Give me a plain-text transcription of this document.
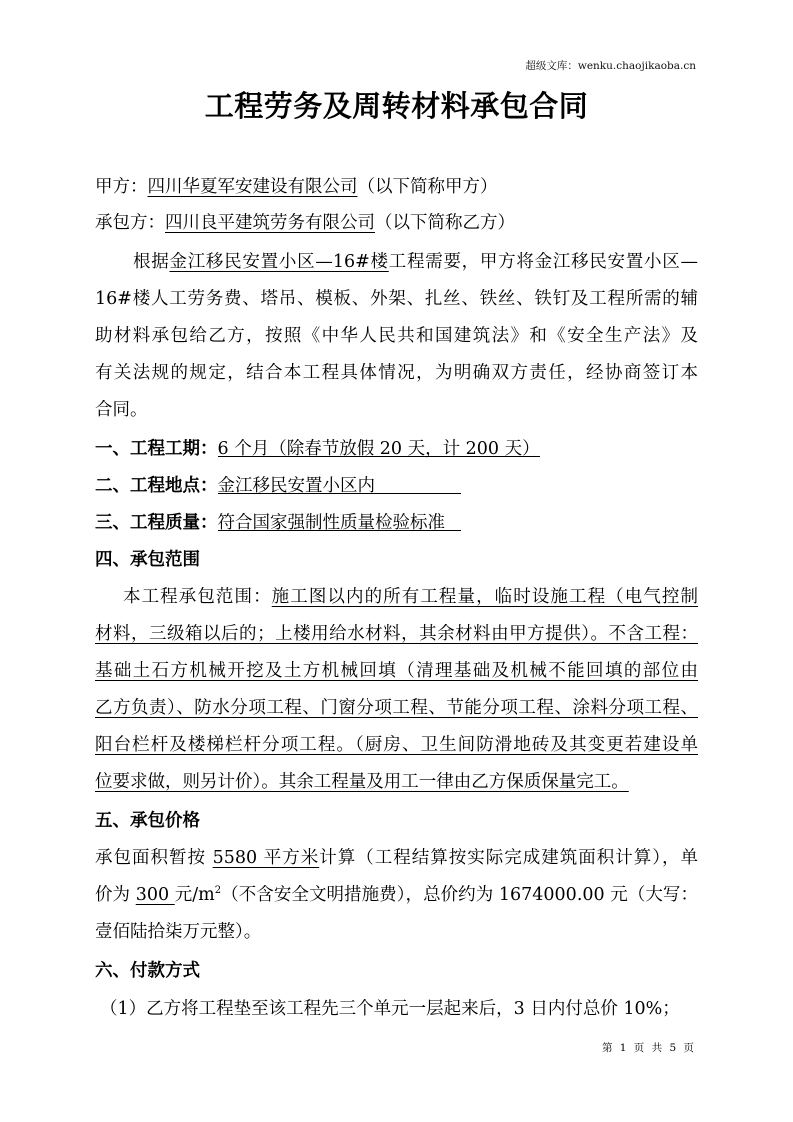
超级文库：wenku.chaojikaoba.cn
工程劳务及周转材料承包合同
甲方：四川华夏军安建设有限公司（以下简称甲方）
承包方：四川良平建筑劳务有限公司（以下简称乙方）
根据金江移民安置小区—16#楼工程需要，甲方将金江移民安置小区—
16#楼人工劳务费、塔吊、模板、外架、扎丝、铁丝、铁钉及工程所需的辅
助材料承包给乙方，按照《中华人民共和国建筑法》和《安全生产法》及
有关法规的规定，结合本工程具体情况，为明确双方责任，经协商签订本
合同。
一、工程工期：6 个月（除春节放假 20 天，计 200 天）
二、工程地点：金江移民安置小区内
三、工程质量：符合国家强制性质量检验标准
四、承包范围
本工程承包范围：施工图以内的所有工程量，临时设施工程（电气控制
材料，三级箱以后的；上楼用给水材料，其余材料由甲方提供）。不含工程：
基础土石方机械开挖及土方机械回填（清理基础及机械不能回填的部位由
乙方负责）、防水分项工程、门窗分项工程、节能分项工程、涂料分项工程、
阳台栏杆及楼梯栏杆分项工程。（厨房、卫生间防滑地砖及其变更若建设单
位要求做，则另计价）。其余工程量及用工一律由乙方保质保量完工。
五、承包价格
承包面积暂按 5580 平方米计算（工程结算按实际完成建筑面积计算），单
价为 300 元$/m^2$（不含安全文明措施费），总价约为 1674000.00 元（大写：
壹佰陆拾柒万元整）。
六、付款方式
（1）乙方将工程垫至该工程先三个单元一层起来后，3 日内付总价 10%；
第 1 页 共 5 页
